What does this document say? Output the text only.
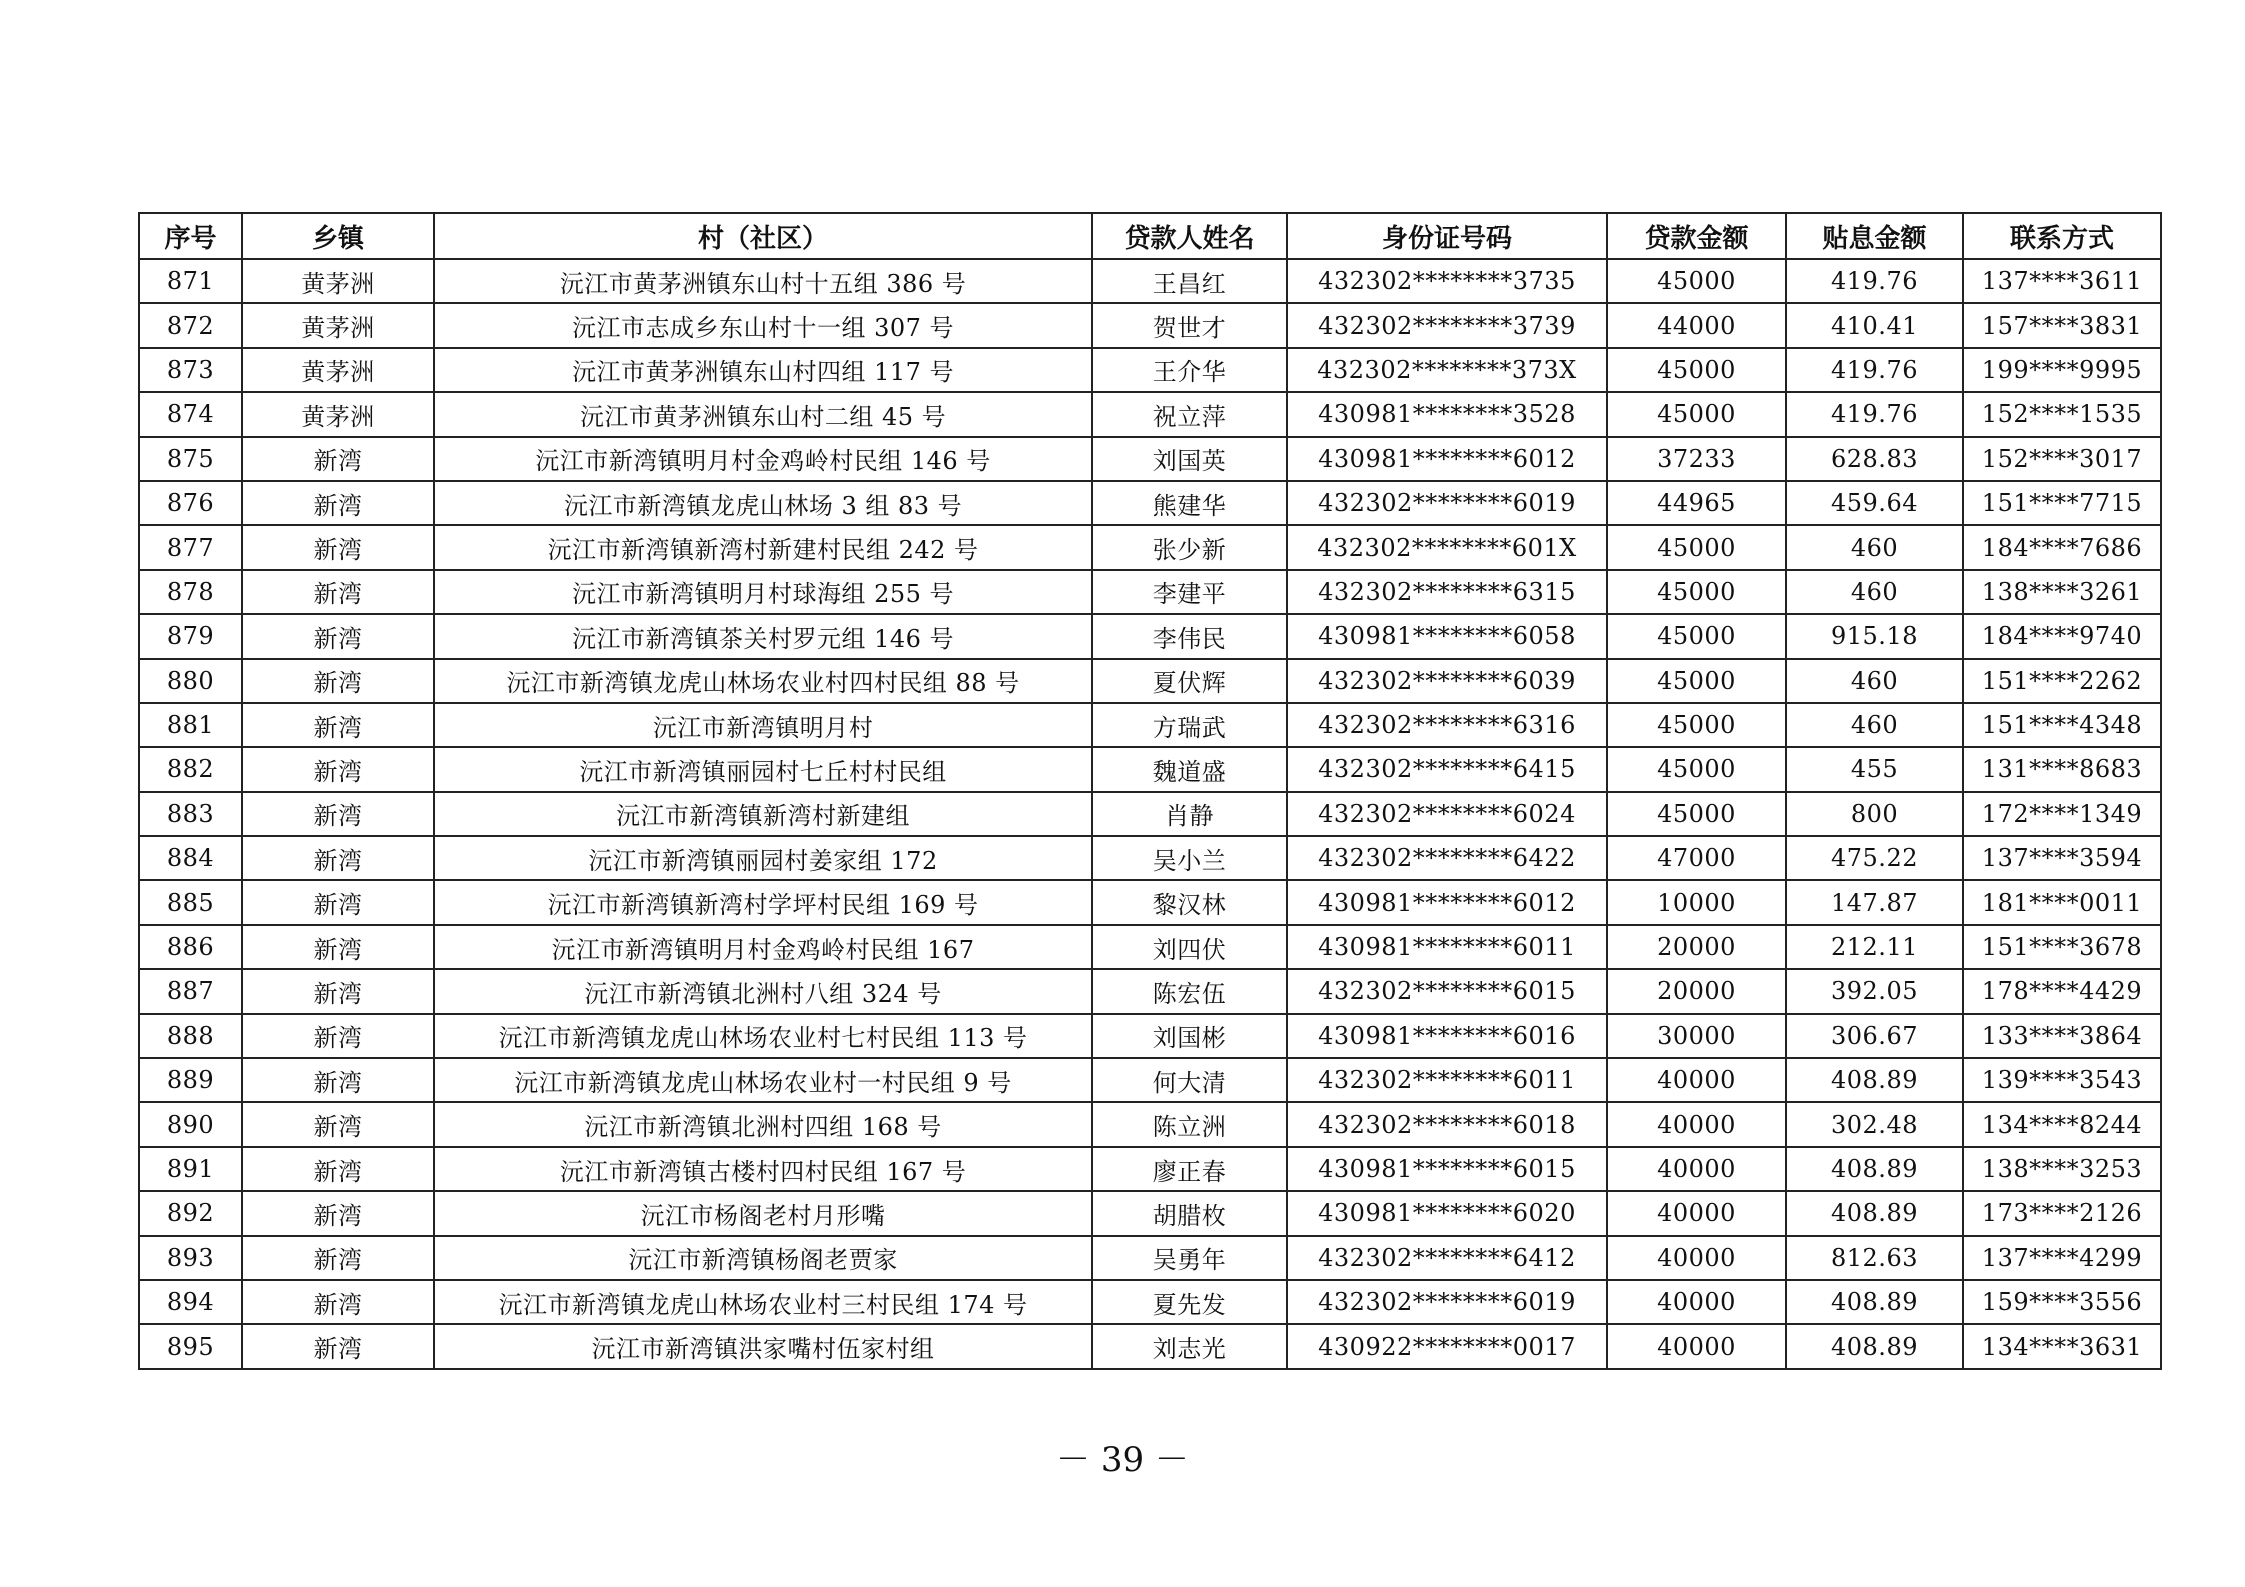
序号	乡镇	村（社区）	贷款人姓名	身份证号码	贷款金额	贴息金额	联系方式
871	黄茅洲	沅江市黄茅洲镇东山村十五组 386 号	王昌红	432302********3735	45000	419.76	137****3611
872	黄茅洲	沅江市志成乡东山村十一组 307 号	贺世才	432302********3739	44000	410.41	157****3831
873	黄茅洲	沅江市黄茅洲镇东山村四组 117 号	王介华	432302********373X	45000	419.76	199****9995
874	黄茅洲	沅江市黄茅洲镇东山村二组 45 号	祝立萍	430981********3528	45000	419.76	152****1535
875	新湾	沅江市新湾镇明月村金鸡岭村民组 146 号	刘国英	430981********6012	37233	628.83	152****3017
876	新湾	沅江市新湾镇龙虎山林场 3 组 83 号	熊建华	432302********6019	44965	459.64	151****7715
877	新湾	沅江市新湾镇新湾村新建村民组 242 号	张少新	432302********601X	45000	460	184****7686
878	新湾	沅江市新湾镇明月村球海组 255 号	李建平	432302********6315	45000	460	138****3261
879	新湾	沅江市新湾镇茶关村罗元组 146 号	李伟民	430981********6058	45000	915.18	184****9740
880	新湾	沅江市新湾镇龙虎山林场农业村四村民组 88 号	夏伏辉	432302********6039	45000	460	151****2262
881	新湾	沅江市新湾镇明月村	方瑞武	432302********6316	45000	460	151****4348
882	新湾	沅江市新湾镇丽园村七丘村村民组	魏道盛	432302********6415	45000	455	131****8683
883	新湾	沅江市新湾镇新湾村新建组	肖静	432302********6024	45000	800	172****1349
884	新湾	沅江市新湾镇丽园村姜家组 172	吴小兰	432302********6422	47000	475.22	137****3594
885	新湾	沅江市新湾镇新湾村学坪村民组 169 号	黎汉林	430981********6012	10000	147.87	181****0011
886	新湾	沅江市新湾镇明月村金鸡岭村民组 167	刘四伏	430981********6011	20000	212.11	151****3678
887	新湾	沅江市新湾镇北洲村八组 324 号	陈宏伍	432302********6015	20000	392.05	178****4429
888	新湾	沅江市新湾镇龙虎山林场农业村七村民组 113 号	刘国彬	430981********6016	30000	306.67	133****3864
889	新湾	沅江市新湾镇龙虎山林场农业村一村民组 9 号	何大清	432302********6011	40000	408.89	139****3543
890	新湾	沅江市新湾镇北洲村四组 168 号	陈立洲	432302********6018	40000	302.48	134****8244
891	新湾	沅江市新湾镇古楼村四村民组 167 号	廖正春	430981********6015	40000	408.89	138****3253
892	新湾	沅江市杨阁老村月形嘴	胡腊枚	430981********6020	40000	408.89	173****2126
893	新湾	沅江市新湾镇杨阁老贾家	吴勇年	432302********6412	40000	812.63	137****4299
894	新湾	沅江市新湾镇龙虎山林场农业村三村民组 174 号	夏先发	432302********6019	40000	408.89	159****3556
895	新湾	沅江市新湾镇洪家嘴村伍家村组	刘志光	430922********0017	40000	408.89	134****3631
－ 39 －
